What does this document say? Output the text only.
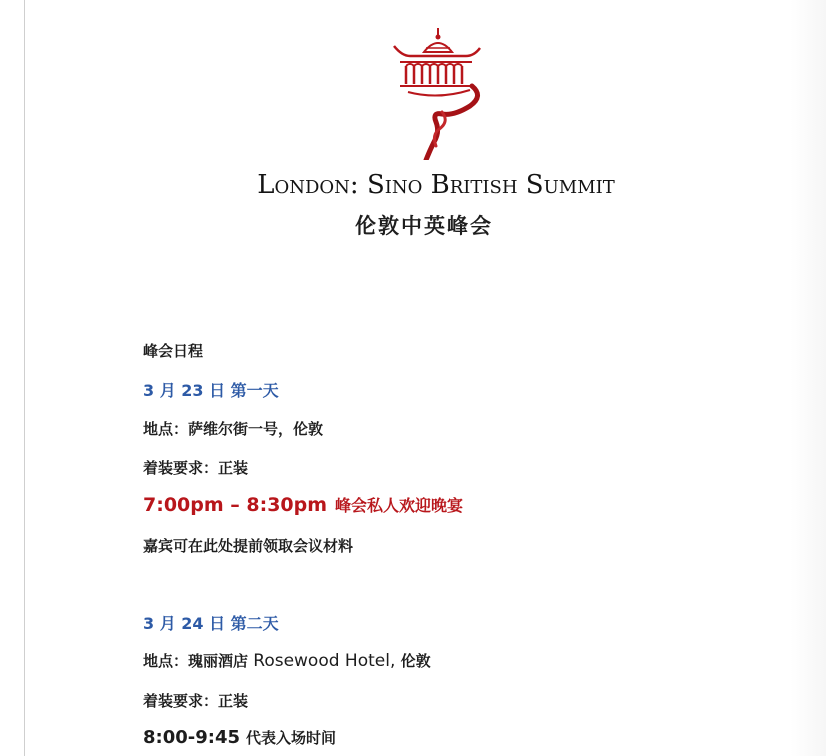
London: Sino British Summit
伦敦中英峰会
峰会日程
3 月 23 日 第一天
地点：萨维尔街一号，伦敦
着装要求：正装
7:00pm – 8:30pm 峰会私人欢迎晚宴
嘉宾可在此处提前领取会议材料
3 月 24 日 第二天
地点：瑰丽酒店 Rosewood Hotel, 伦敦
着装要求：正装
8:00-9:45 代表入场时间
